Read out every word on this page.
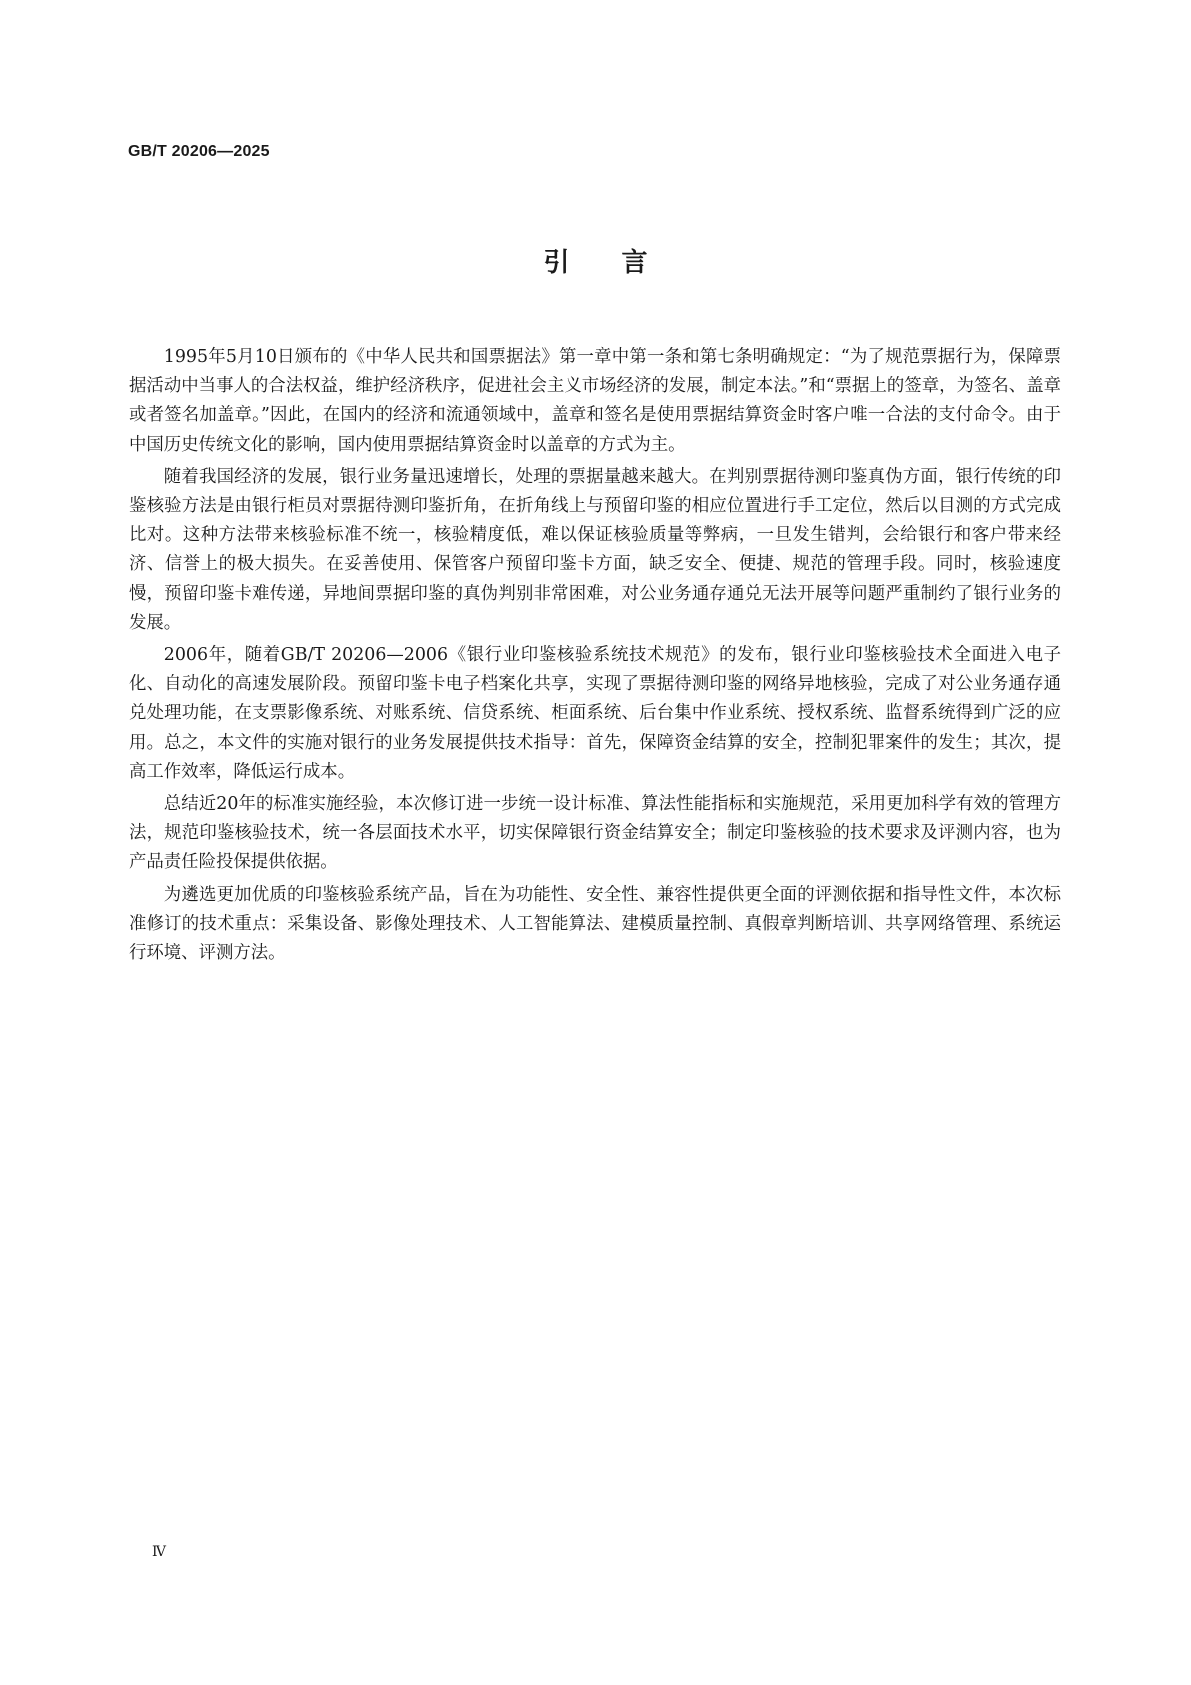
GB/T 20206—2025
引言

1995年5月10日颁布的《中华人民共和国票据法》第一章中第一条和第七条明确规定：“为了规范票据行为，保障票据活动中当事人的合法权益，维护经济秩序，促进社会主义市场经济的发展，制定本法。”和“票据上的签章，为签名、盖章或者签名加盖章。”因此，在国内的经济和流通领域中，盖章和签名是使用票据结算资金时客户唯一合法的支付命令。由于中国历史传统文化的影响，国内使用票据结算资金时以盖章的方式为主。

随着我国经济的发展，银行业务量迅速增长，处理的票据量越来越大。在判别票据待测印鉴真伪方面，银行传统的印鉴核验方法是由银行柜员对票据待测印鉴折角，在折角线上与预留印鉴的相应位置进行手工定位，然后以目测的方式完成比对。这种方法带来核验标准不统一，核验精度低，难以保证核验质量等弊病，一旦发生错判，会给银行和客户带来经济、信誉上的极大损失。在妥善使用、保管客户预留印鉴卡方面，缺乏安全、便捷、规范的管理手段。同时，核验速度慢，预留印鉴卡难传递，异地间票据印鉴的真伪判别非常困难，对公业务通存通兑无法开展等问题严重制约了银行业务的发展。

2006年，随着GB/T 20206—2006《银行业印鉴核验系统技术规范》的发布，银行业印鉴核验技术全面进入电子化、自动化的高速发展阶段。预留印鉴卡电子档案化共享，实现了票据待测印鉴的网络异地核验，完成了对公业务通存通兑处理功能，在支票影像系统、对账系统、信贷系统、柜面系统、后台集中作业系统、授权系统、监督系统得到广泛的应用。总之，本文件的实施对银行的业务发展提供技术指导：首先，保障资金结算的安全，控制犯罪案件的发生；其次，提高工作效率，降低运行成本。

总结近20年的标准实施经验，本次修订进一步统一设计标准、算法性能指标和实施规范，采用更加科学有效的管理方法，规范印鉴核验技术，统一各层面技术水平，切实保障银行资金结算安全；制定印鉴核验的技术要求及评测内容，也为产品责任险投保提供依据。

为遴选更加优质的印鉴核验系统产品，旨在为功能性、安全性、兼容性提供更全面的评测依据和指导性文件，本次标准修订的技术重点：采集设备、影像处理技术、人工智能算法、建模质量控制、真假章判断培训、共享网络管理、系统运行环境、评测方法。

Ⅳ
